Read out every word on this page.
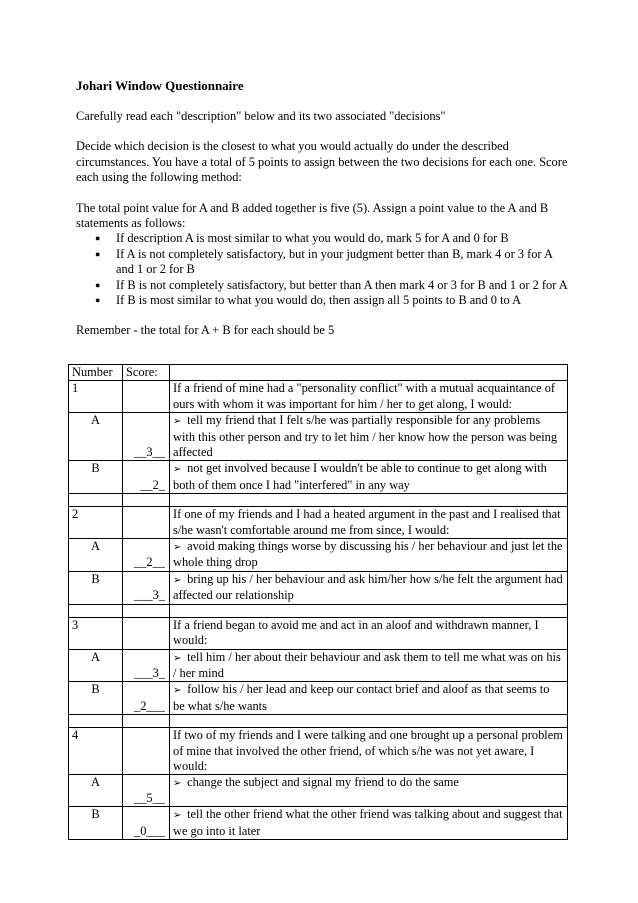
Johari Window Questionnaire

Carefully read each "description" below and its two associated "decisions"

Decide which decision is the closest to what you would actually do under the described circumstances. You have a total of 5 points to assign between the two decisions for each one. Score each using the following method:

The total point value for A and B added together is five (5). Assign a point value to the A and B statements as follows:

● If description A is most similar to what you would do, mark 5 for A and 0 for B
● If A is not completely satisfactory, but in your judgment better than B, mark 4 or 3 for A and 1 or 2 for B
● If B is not completely satisfactory, but better than A then mark 4 or 3 for B and 1 or 2 for A
● If B is most similar to what you would do, then assign all 5 points to B and 0 to A

Remember - the total for A + B for each should be 5

Number	Score:	
1		If a friend of mine had a "personality conflict" with a mutual acquaintance of ours with whom it was important for him / her to get along, I would:
A	__3__	➢ tell my friend that I felt s/he was partially responsible for any problems with this other person and try to let him / her know how the person was being affected
B	__2_	➢ not get involved because I wouldn't be able to continue to get along with both of them once I had "interfered" in any way

2		If one of my friends and I had a heated argument in the past and I realised that s/he wasn't comfortable around me from since, I would:
A	__2__	➢ avoid making things worse by discussing his / her behaviour and just let the whole thing drop
B	___3_	➢ bring up his / her behaviour and ask him/her how s/he felt the argument had affected our relationship

3		If a friend began to avoid me and act in an aloof and withdrawn manner, I would:
A	___3_	➢ tell him / her about their behaviour and ask them to tell me what was on his / her mind
B	_2___	➢ follow his / her lead and keep our contact brief and aloof as that seems to be what s/he wants

4		If two of my friends and I were talking and one brought up a personal problem of mine that involved the other friend, of which s/he was not yet aware, I would:
A	__5__	➢ change the subject and signal my friend to do the same
B	_0___	➢ tell the other friend what the other friend was talking about and suggest that we go into it later
